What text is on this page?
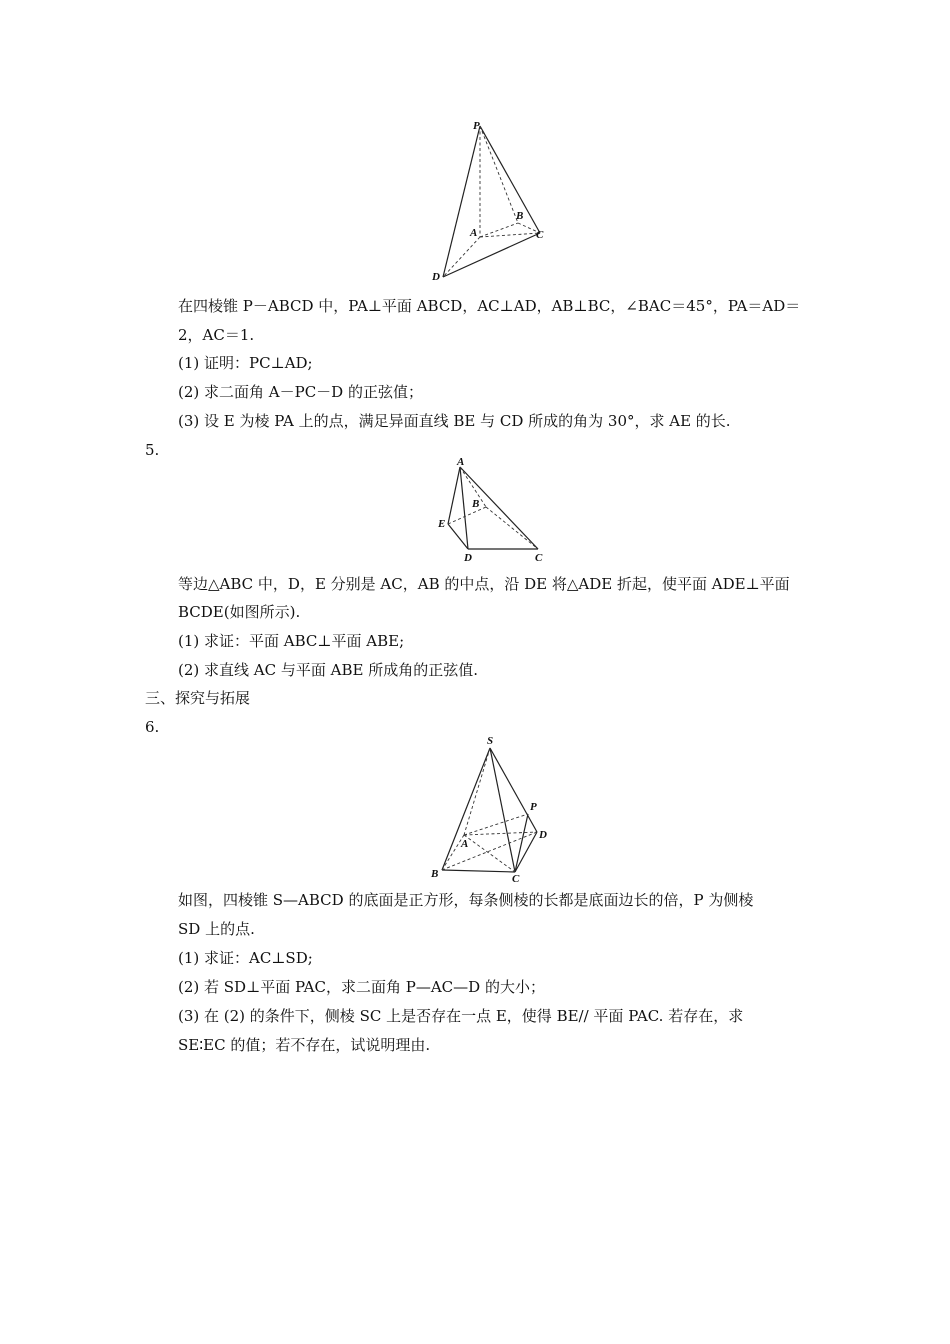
P
A
B
C
D
在四棱锥 P－ABCD 中，PA⊥平面 ABCD，AC⊥AD，AB⊥BC，∠BAC＝45°，PA＝AD＝
2，AC＝1.
(1) 证明：PC⊥AD;
(2) 求二面角 A－PC－D 的正弦值；
(3) 设 E 为棱 PA 上的点，满足异面直线 BE 与 CD 所成的角为 30°，求 AE 的长.
5.
A
B
E
D	C
等边△ABC 中，D，E 分别是 AC，AB 的中点，沿 DE 将△ADE 折起，使平面 ADE⊥平面
BCDE(如图所示).
(1) 求证：平面 ABC⊥平面 ABE;
(2) 求直线 AC 与平面 ABE 所成角的正弦值.
三、探究与拓展
6.
S
P
A
D
B	C
如图，四棱锥 S—ABCD 的底面是正方形，每条侧棱的长都是底面边长的倍，P 为侧棱
SD 上的点.
(1) 求证：AC⊥SD;
(2) 若 SD⊥平面 PAC，求二面角 P—AC—D 的大小；
(3) 在 (2) 的条件下，侧棱 SC 上是否存在一点 E，使得 BE// 平面 PAC. 若存在，求
SE∶EC 的值；若不存在，试说明理由.
